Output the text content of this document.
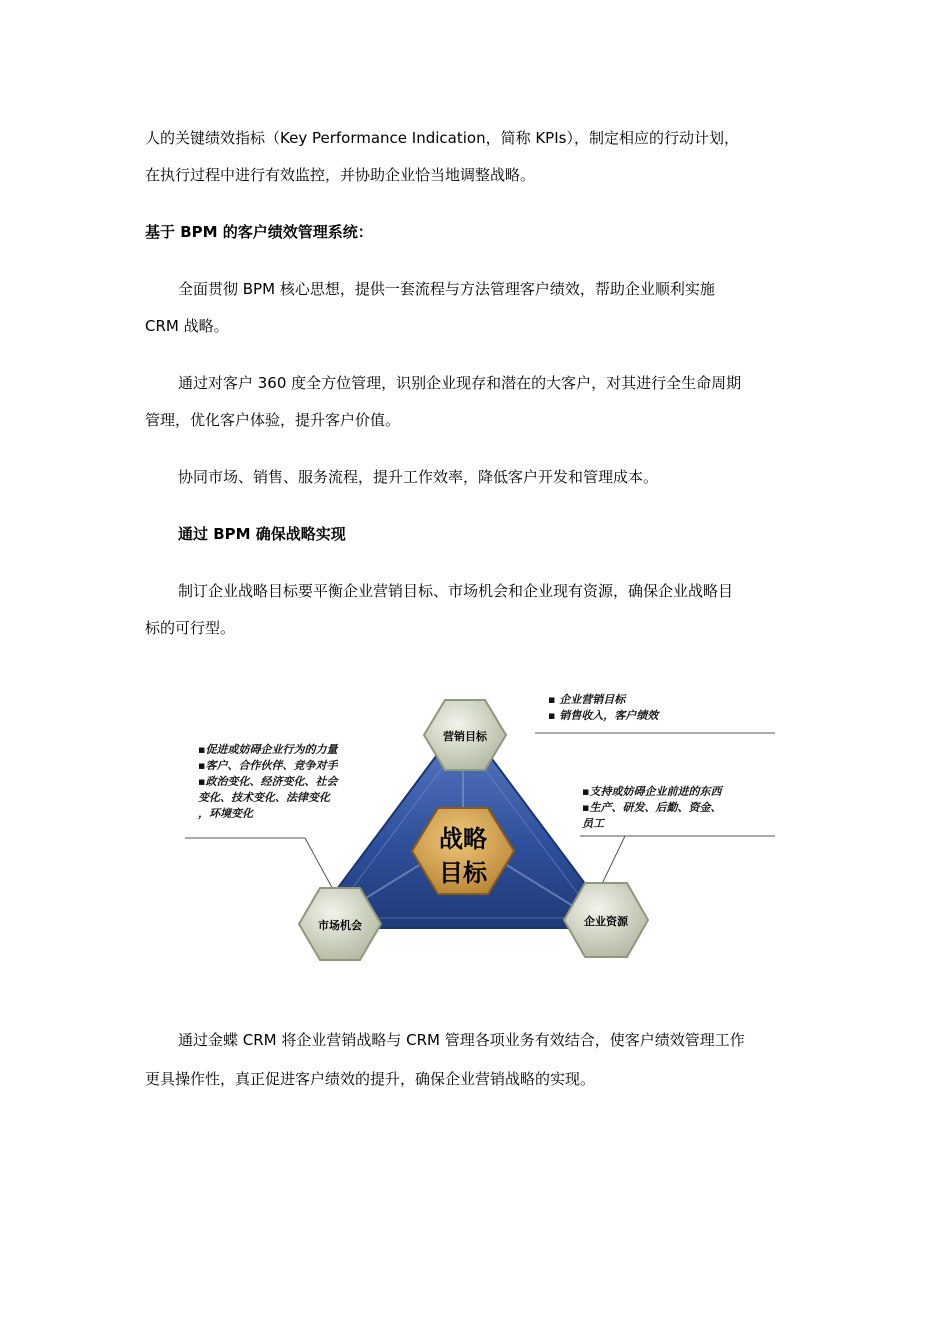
人的关键绩效指标（Key Performance Indication，简称 KPIs），制定相应的行动计划，
在执行过程中进行有效监控，并协助企业恰当地调整战略。
基于 BPM 的客户绩效管理系统：
全面贯彻 BPM 核心思想，提供一套流程与方法管理客户绩效，帮助企业顺利实施
CRM 战略。
通过对客户 360 度全方位管理，识别企业现存和潜在的大客户，对其进行全生命周期
管理，优化客户体验，提升客户价值。
协同市场、销售、服务流程，提升工作效率，降低客户开发和管理成本。
通过 BPM 确保战略实现
制订企业战略目标要平衡企业营销目标、市场机会和企业现有资源，确保企业战略目
标的可行型。
战略
目标
营销目标
市场机会	企业资源
▪ 企业营销目标
▪ 销售收入，客户绩效
▪促进或妨碍企业行为的力量
▪客户、合作伙伴、竞争对手
▪政治变化、经济变化、社会
变化、技术变化、法律变化
，环境变化
▪支持或妨碍企业前进的东西
▪生产、研发、后勤、资金、
员工
通过金蝶 CRM 将企业营销战略与 CRM 管理各项业务有效结合，使客户绩效管理工作
更具操作性，真正促进客户绩效的提升，确保企业营销战略的实现。
